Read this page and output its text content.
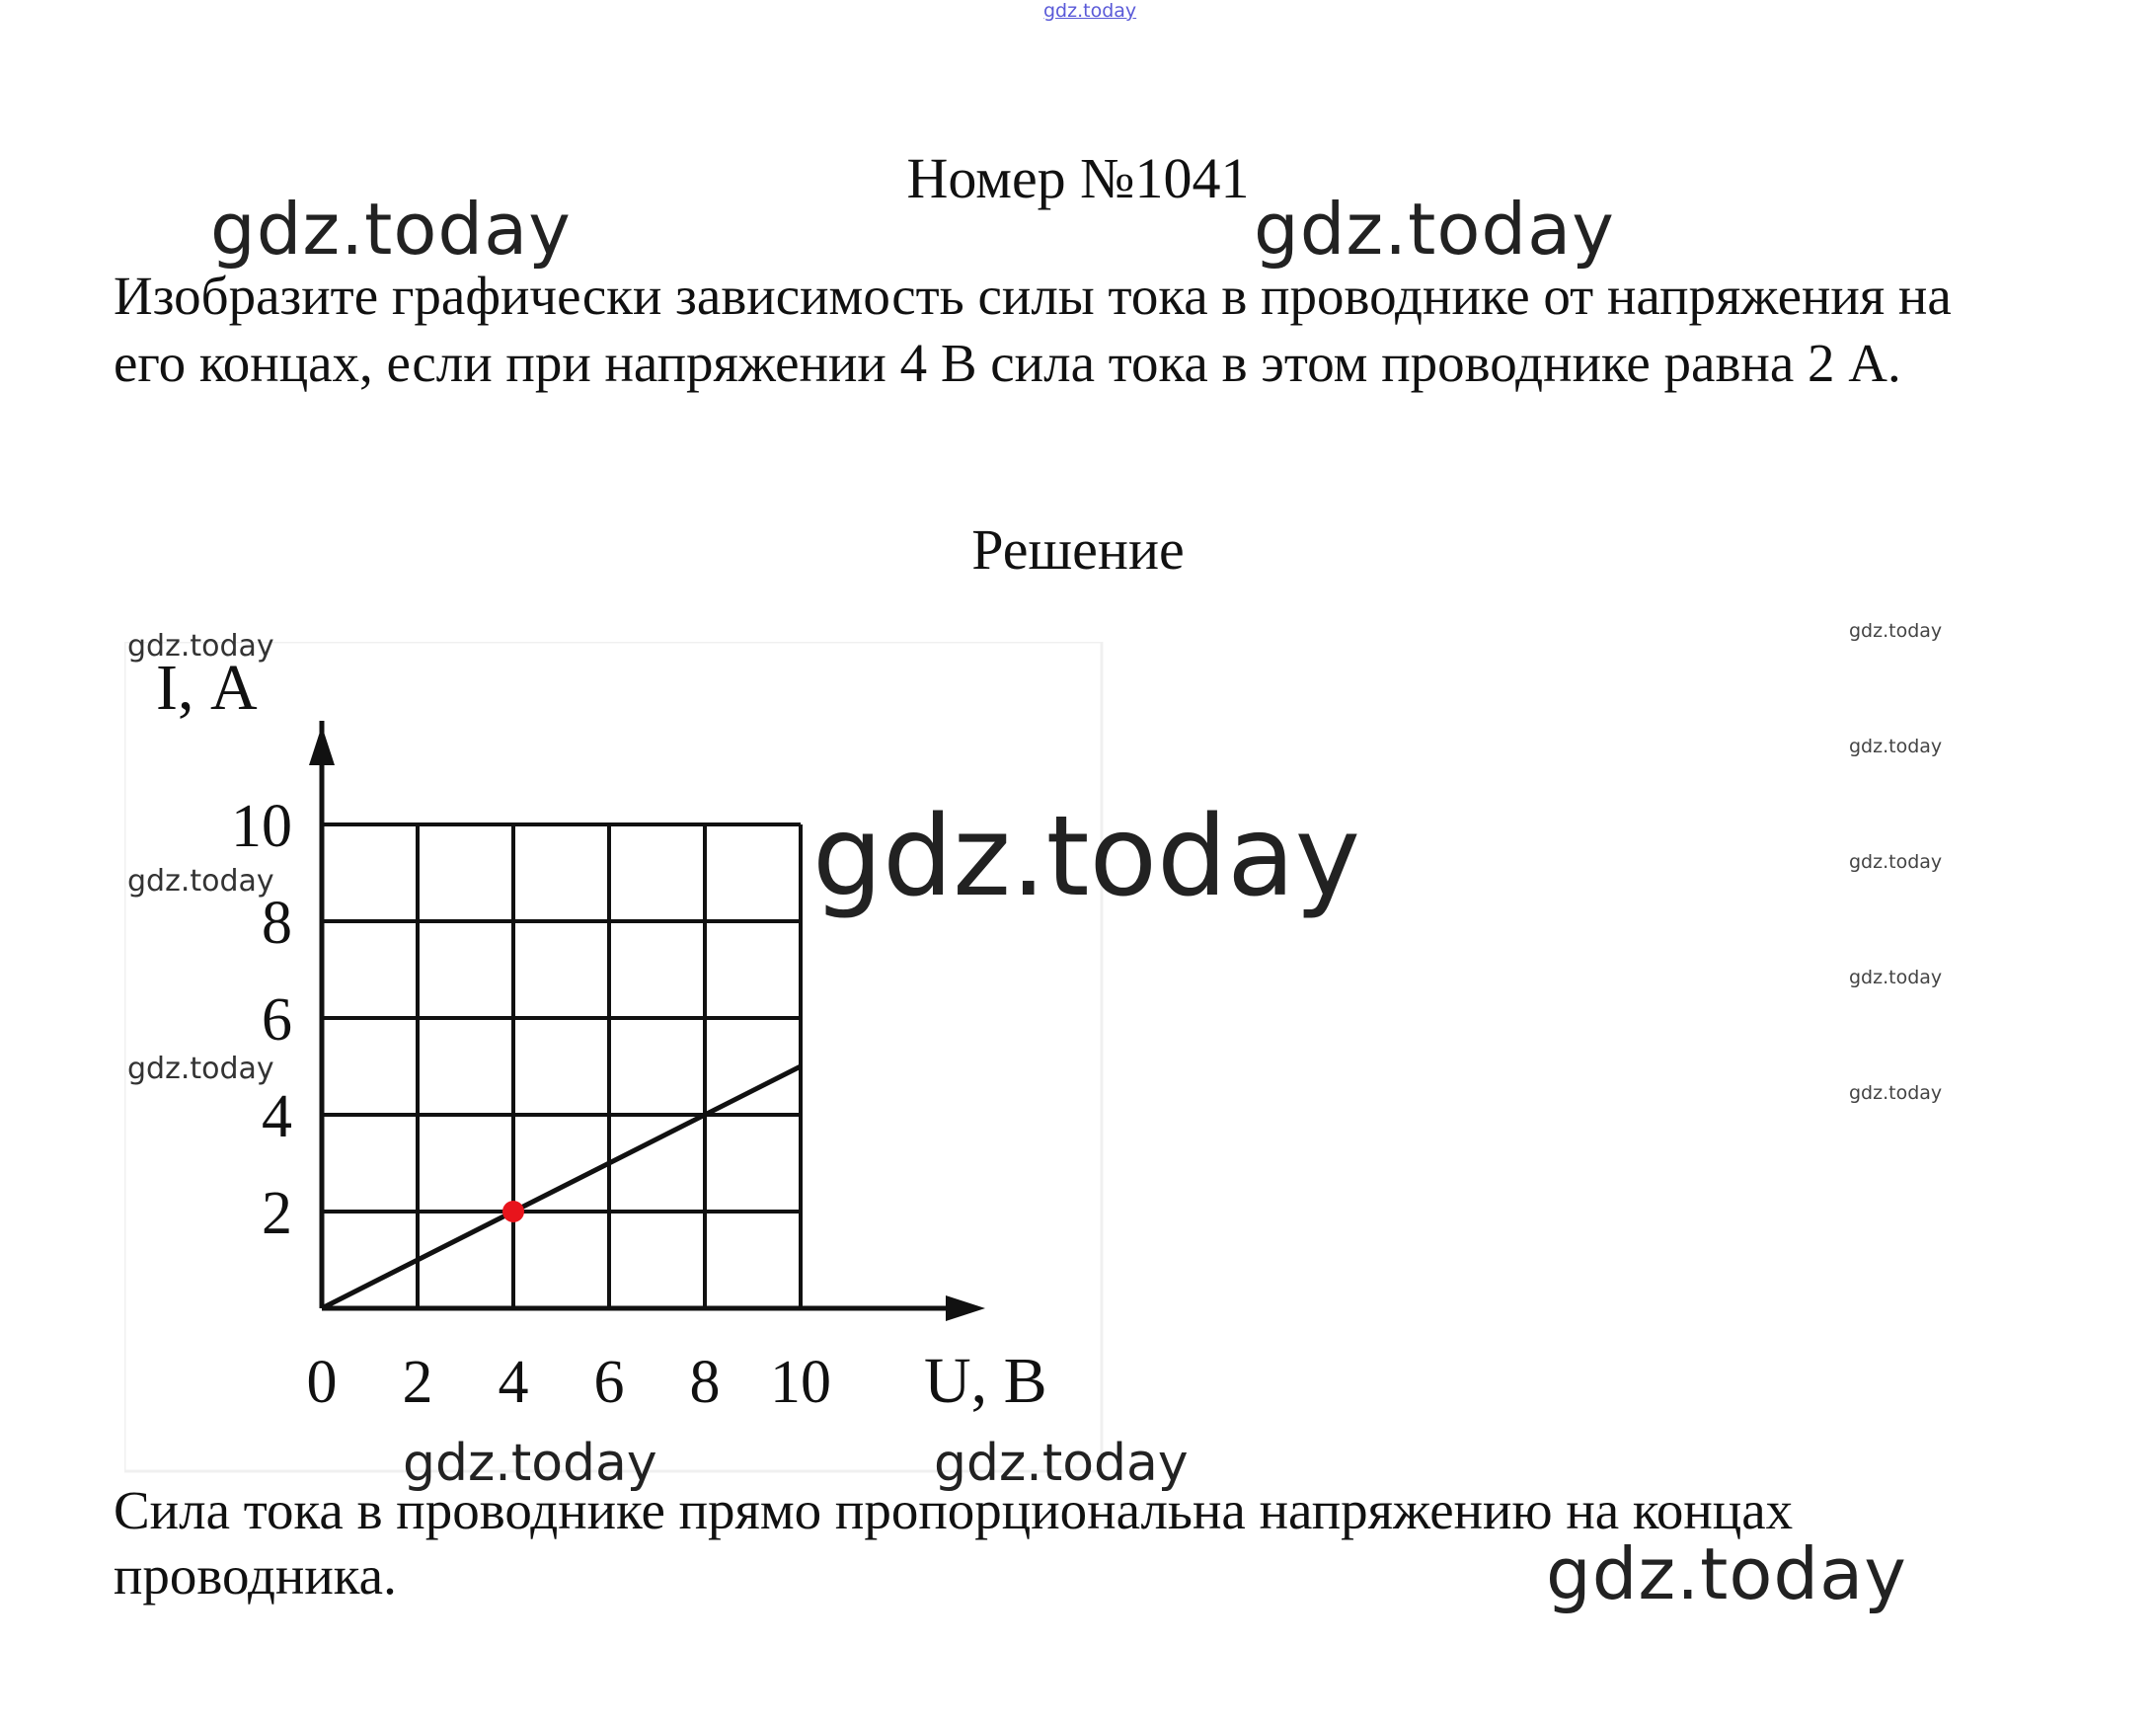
gdz.today
Номер №1041
gdz.today	gdz.today
Изобразите графически зависимость силы тока в проводнике от напряжения на его концах, если при напряжении 4 В сила тока в этом проводнике равна 2 А.
Решение
0 2 4 6 8 10
2
4
6
8
10
I, А
U, В
gdz.today
gdz.today
gdz.today
gdz.today
gdz.today	gdz.today
gdz.today
gdz.today
gdz.today
gdz.today
gdz.today
Сила тока в проводнике прямо пропорциональна напряжению на концах проводника.	gdz.today
